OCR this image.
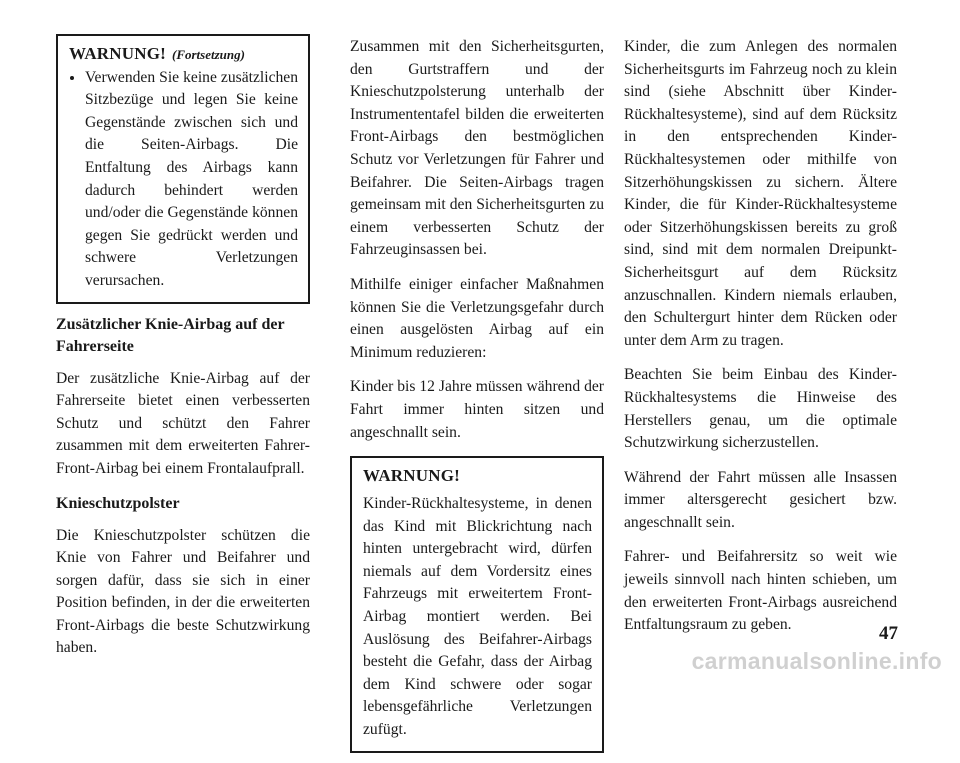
WARNUNG! (Fortsetzung)
• Verwenden Sie keine zusätzlichen Sitzbezüge und legen Sie keine Gegenstände zwischen sich und die Seiten-Airbags. Die Entfaltung des Airbags kann dadurch behindert werden und/oder die Gegenstände können gegen Sie gedrückt werden und schwere Verletzungen verursachen.
Zusätzlicher Knie-Airbag auf der Fahrerseite

Der zusätzliche Knie-Airbag auf der Fahrerseite bietet einen verbesserten Schutz und schützt den Fahrer zusammen mit dem erweiterten Fahrer-Front-Airbag bei einem Frontalaufprall.

Knieschutzpolster

Die Knieschutzpolster schützen die Knie von Fahrer und Beifahrer und sorgen dafür, dass sie sich in einer Position befinden, in der die erweiterten Front-Airbags die beste Schutzwirkung haben.

Zusammen mit den Sicherheitsgurten, den Gurtstraffern und der Knieschutzpolsterung unterhalb der Instrumententafel bilden die erweiterten Front-Airbags den bestmöglichen Schutz vor Verletzungen für Fahrer und Beifahrer. Die Seiten-Airbags tragen gemeinsam mit den Sicherheitsgurten zu einem verbesserten Schutz der Fahrzeuginsassen bei.

Mithilfe einiger einfacher Maßnahmen können Sie die Verletzungsgefahr durch einen ausgelösten Airbag auf ein Minimum reduzieren:

Kinder bis 12 Jahre müssen während der Fahrt immer hinten sitzen und angeschnallt sein.

WARNUNG!

Kinder-Rückhaltesysteme, in denen das Kind mit Blickrichtung nach hinten untergebracht wird, dürfen niemals auf dem Vordersitz eines Fahrzeugs mit erweitertem Front-Airbag montiert werden. Bei Auslösung des Beifahrer-Airbags besteht die Gefahr, dass der Airbag dem Kind schwere oder sogar lebensgefährliche Verletzungen zufügt.

Kinder, die zum Anlegen des normalen Sicherheitsgurts im Fahrzeug noch zu klein sind (siehe Abschnitt über Kinder-Rückhaltesysteme), sind auf dem Rücksitz in den entsprechenden Kinder-Rückhaltesystemen oder mithilfe von Sitzerhöhungskissen zu sichern. Ältere Kinder, die für Kinder-Rückhaltesysteme oder Sitzerhöhungskissen bereits zu groß sind, sind mit dem normalen Dreipunkt-Sicherheitsgurt auf dem Rücksitz anzuschnallen. Kindern niemals erlauben, den Schultergurt hinter dem Rücken oder unter dem Arm zu tragen.

Beachten Sie beim Einbau des Kinder-Rückhaltesystems die Hinweise des Herstellers genau, um die optimale Schutzwirkung sicherzustellen.

Während der Fahrt müssen alle Insassen immer altersgerecht gesichert bzw. angeschnallt sein.

Fahrer- und Beifahrersitz so weit wie jeweils sinnvoll nach hinten schieben, um den erweiterten Front-Airbags ausreichend Entfaltungsraum zu geben.	47
carmanualsonline.info
